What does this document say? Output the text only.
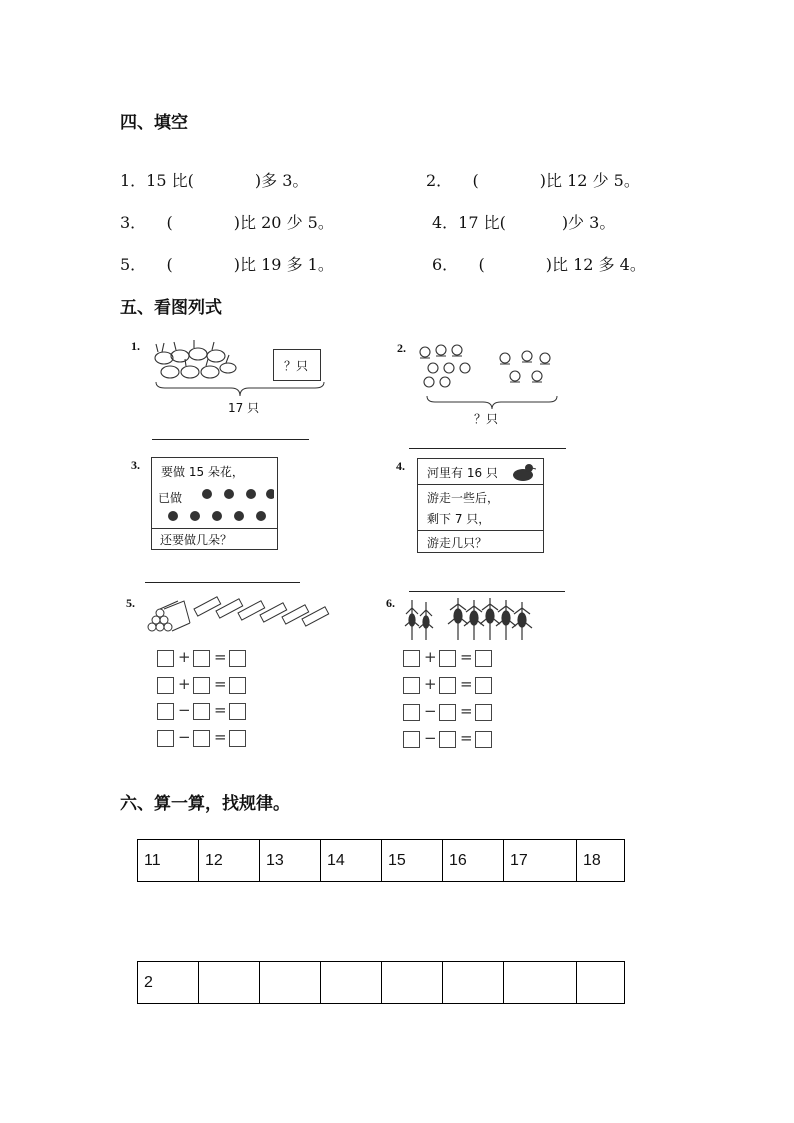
四、填空
1．15 比(            )多 3。	2．    (            )比 12 少 5。
3．    (            )比 20 少 5。	4．17 比(           )少 3。
5．    (            )比 19 多 1。	6．    (            )比 12 多 4。
五、看图列式
1.
？只
17 只
2.
？只
3. 要做 15 朵花，
已做
还要做几朵？
4. 河里有 16 只
游走一些后，
剩下 7 只，
游走几只？
5.
+ =
+ =
− =
− =
6.
+ =
+ =
− =
− =
六、算一算，找规律。
11	12	13	14	15	16	17	18
2							
